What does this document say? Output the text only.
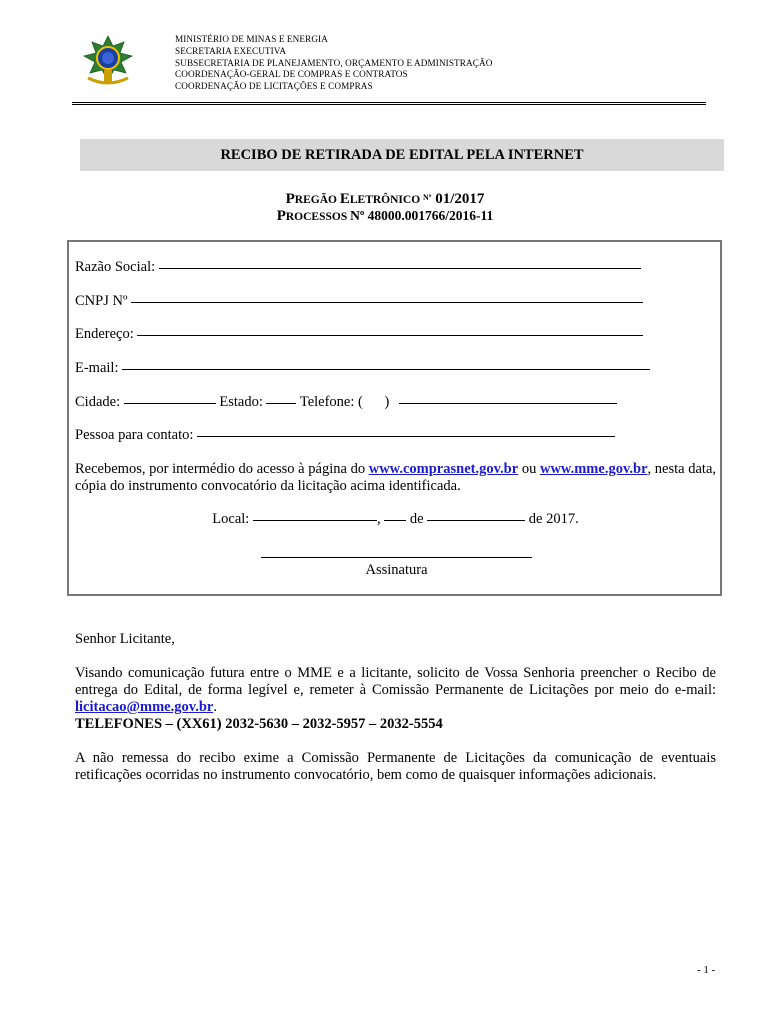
MINISTÉRIO DE MINAS E ENERGIA
SECRETARIA EXECUTIVA
SUBSECRETARIA DE PLANEJAMENTO, ORÇAMENTO E ADMINISTRAÇÃO
COORDENAÇÃO-GERAL DE COMPRAS E CONTRATOS
COORDENAÇÃO DE LICITAÇÕES E COMPRAS
RECIBO DE RETIRADA DE EDITAL PELA INTERNET
PREGÃO ELETRÔNICO Nº 01/2017
PROCESSOS Nº 48000.001766/2016-11
Razão Social:
CNPJ Nº
Endereço:
E-mail:
Cidade:	Estado:	Telefone: ( )
Pessoa para contato:
Recebemos, por intermédio do acesso à página do www.comprasnet.gov.br ou www.mme.gov.br, nesta data, cópia do instrumento convocatório da licitação acima identificada.
Local:	, de	de 2017.
Assinatura
Senhor Licitante,
Visando comunicação futura entre o MME e a licitante, solicito de Vossa Senhoria preencher o Recibo de entrega do Edital, de forma legível e, remeter à Comissão Permanente de Licitações por meio do e-mail: licitacao@mme.gov.br.
TELEFONES – (XX61) 2032-5630 – 2032-5957 – 2032-5554
A não remessa do recibo exime a Comissão Permanente de Licitações da comunicação de eventuais retificações ocorridas no instrumento convocatório, bem como de quaisquer informações adicionais.
- 1 -
